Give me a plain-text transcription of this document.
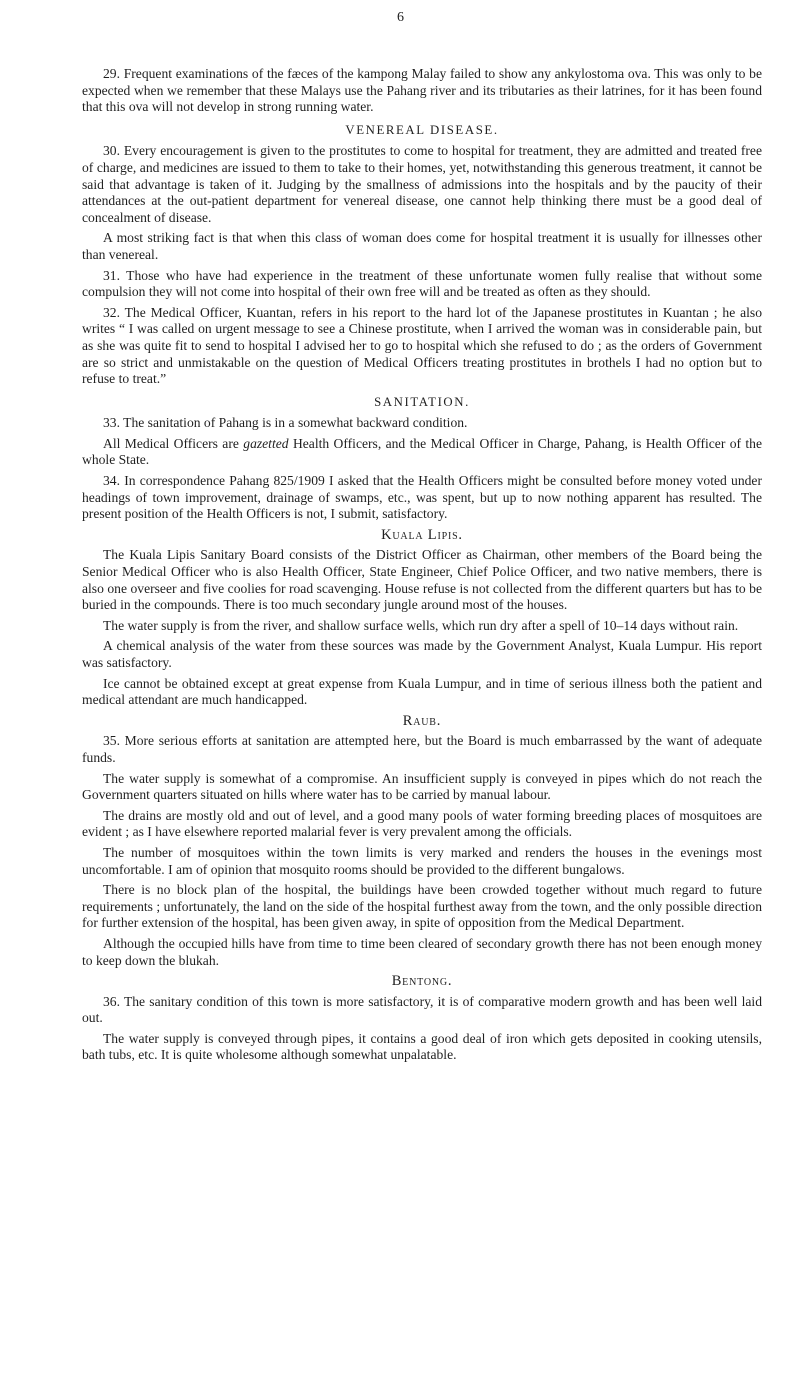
6

29. Frequent examinations of the fæces of the kampong Malay failed to show any ankylostoma ova. This was only to be expected when we remember that these Malays use the Pahang river and its tributaries as their latrines, for it has been found that this ova will not develop in strong running water.

VENEREAL DISEASE.

30. Every encouragement is given to the prostitutes to come to hospital for treatment, they are admitted and treated free of charge, and medicines are issued to them to take to their homes, yet, notwithstanding this generous treatment, it cannot be said that advantage is taken of it. Judging by the smallness of admissions into the hospitals and by the paucity of their attendances at the out-patient department for venereal disease, one cannot help thinking there must be a good deal of concealment of disease.

A most striking fact is that when this class of woman does come for hospital treatment it is usually for illnesses other than venereal.

31. Those who have had experience in the treatment of these unfortunate women fully realise that without some compulsion they will not come into hospital of their own free will and be treated as often as they should.

32. The Medical Officer, Kuantan, refers in his report to the hard lot of the Japanese prostitutes in Kuantan ; he also writes “ I was called on urgent message to see a Chinese prostitute, when I arrived the woman was in considerable pain, but as she was quite fit to send to hospital I advised her to go to hospital which she refused to do ; as the orders of Government are so strict and unmistakable on the question of Medical Officers treating prostitutes in brothels I had no option but to refuse to treat.”

SANITATION.

33. The sanitation of Pahang is in a somewhat backward condition.

All Medical Officers are gazetted Health Officers, and the Medical Officer in Charge, Pahang, is Health Officer of the whole State.

34. In correspondence Pahang 825/1909 I asked that the Health Officers might be consulted before money voted under headings of town improvement, drainage of swamps, etc., was spent, but up to now nothing apparent has resulted. The present position of the Health Officers is not, I submit, satisfactory.

Kuala Lipis.

The Kuala Lipis Sanitary Board consists of the District Officer as Chairman, other members of the Board being the Senior Medical Officer who is also Health Officer, State Engineer, Chief Police Officer, and two native members, there is also one overseer and five coolies for road scavenging. House refuse is not collected from the different quarters but has to be buried in the compounds. There is too much secondary jungle around most of the houses.

The water supply is from the river, and shallow surface wells, which run dry after a spell of 10–14 days without rain.

A chemical analysis of the water from these sources was made by the Government Analyst, Kuala Lumpur. His report was satisfactory.

Ice cannot be obtained except at great expense from Kuala Lumpur, and in time of serious illness both the patient and medical attendant are much handicapped.

Raub.

35. More serious efforts at sanitation are attempted here, but the Board is much embarrassed by the want of adequate funds.

The water supply is somewhat of a compromise. An insufficient supply is conveyed in pipes which do not reach the Government quarters situated on hills where water has to be carried by manual labour.

The drains are mostly old and out of level, and a good many pools of water forming breeding places of mosquitoes are evident ; as I have elsewhere reported malarial fever is very prevalent among the officials.

The number of mosquitoes within the town limits is very marked and renders the houses in the evenings most uncomfortable. I am of opinion that mosquito rooms should be provided to the different bungalows.

There is no block plan of the hospital, the buildings have been crowded together without much regard to future requirements ; unfortunately, the land on the side of the hospital furthest away from the town, and the only possible direction for further extension of the hospital, has been given away, in spite of opposition from the Medical Department.

Although the occupied hills have from time to time been cleared of secondary growth there has not been enough money to keep down the blukah.

Bentong.

36. The sanitary condition of this town is more satisfactory, it is of comparative modern growth and has been well laid out.

The water supply is conveyed through pipes, it contains a good deal of iron which gets deposited in cooking utensils, bath tubs, etc. It is quite wholesome although somewhat unpalatable.
